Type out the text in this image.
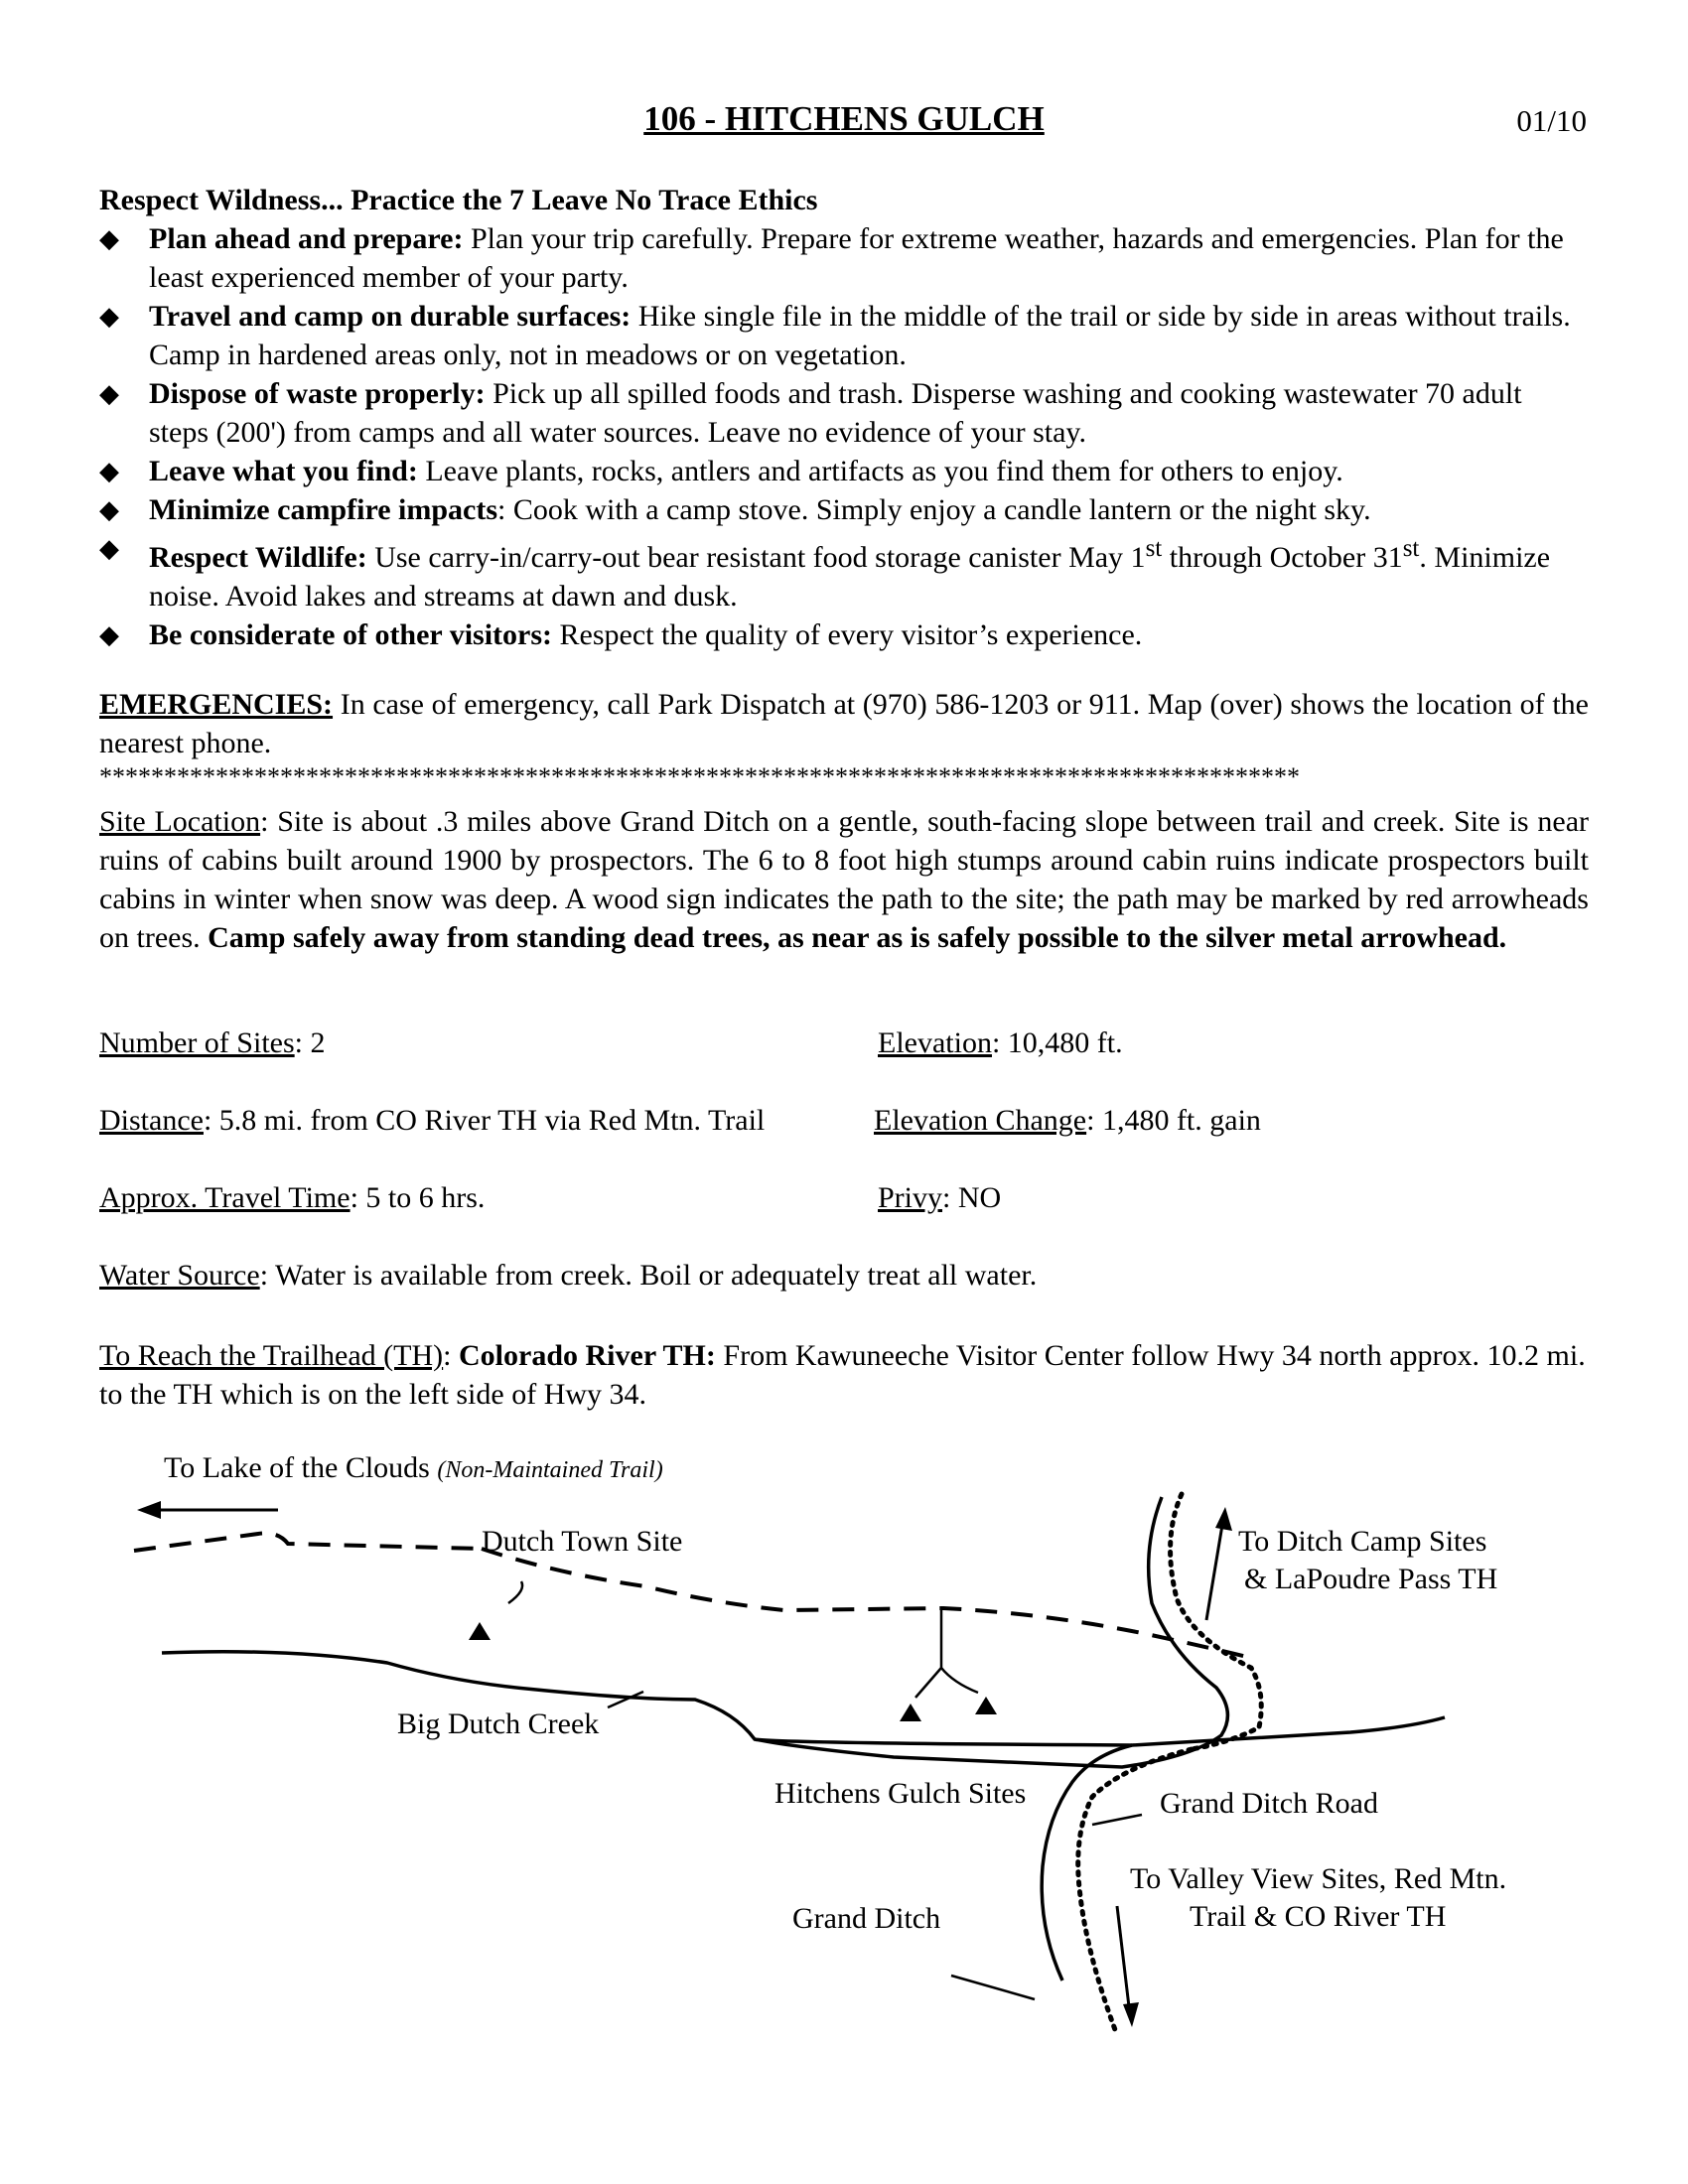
106 - HITCHENS GULCH	01/10
Respect Wildness... Practice the 7 Leave No Trace Ethics
◆ Plan ahead and prepare: Plan your trip carefully. Prepare for extreme weather, hazards and emergencies. Plan for the least experienced member of your party.
◆ Travel and camp on durable surfaces: Hike single file in the middle of the trail or side by side in areas without trails. Camp in hardened areas only, not in meadows or on vegetation.
◆ Dispose of waste properly: Pick up all spilled foods and trash. Disperse washing and cooking wastewater 70 adult steps (200') from camps and all water sources. Leave no evidence of your stay.
◆ Leave what you find: Leave plants, rocks, antlers and artifacts as you find them for others to enjoy.
◆ Minimize campfire impacts: Cook with a camp stove. Simply enjoy a candle lantern or the night sky.
◆ Respect Wildlife: Use carry-in/carry-out bear resistant food storage canister May 1st through October 31st. Minimize noise. Avoid lakes and streams at dawn and dusk.
◆ Be considerate of other visitors: Respect the quality of every visitor’s experience.
EMERGENCIES: In case of emergency, call Park Dispatch at (970) 586-1203 or 911. Map (over) shows the location of the nearest phone.
*********************************************************************************************
Site Location: Site is about .3 miles above Grand Ditch on a gentle, south-facing slope between trail and creek. Site is near ruins of cabins built around 1900 by prospectors. The 6 to 8 foot high stumps around cabin ruins indicate prospectors built cabins in winter when snow was deep. A wood sign indicates the path to the site; the path may be marked by red arrowheads on trees. Camp safely away from standing dead trees, as near as is safely possible to the silver metal arrowhead.
Number of Sites: 2	Elevation: 10,480 ft.
Distance: 5.8 mi. from CO River TH via Red Mtn. Trail	Elevation Change: 1,480 ft. gain
Approx. Travel Time: 5 to 6 hrs.	Privy: NO
Water Source: Water is available from creek. Boil or adequately treat all water.
To Reach the Trailhead (TH): Colorado River TH: From Kawuneeche Visitor Center follow Hwy 34 north approx. 10.2 mi. to the TH which is on the left side of Hwy 34.
To Lake of the Clouds (Non-Maintained Trail)
Dutch Town Site	To Ditch Camp Sites
& LaPoudre Pass TH
Big Dutch Creek
Hitchens Gulch Sites	Grand Ditch Road
To Valley View Sites, Red Mtn.
Trail & CO River TH
Grand Ditch
